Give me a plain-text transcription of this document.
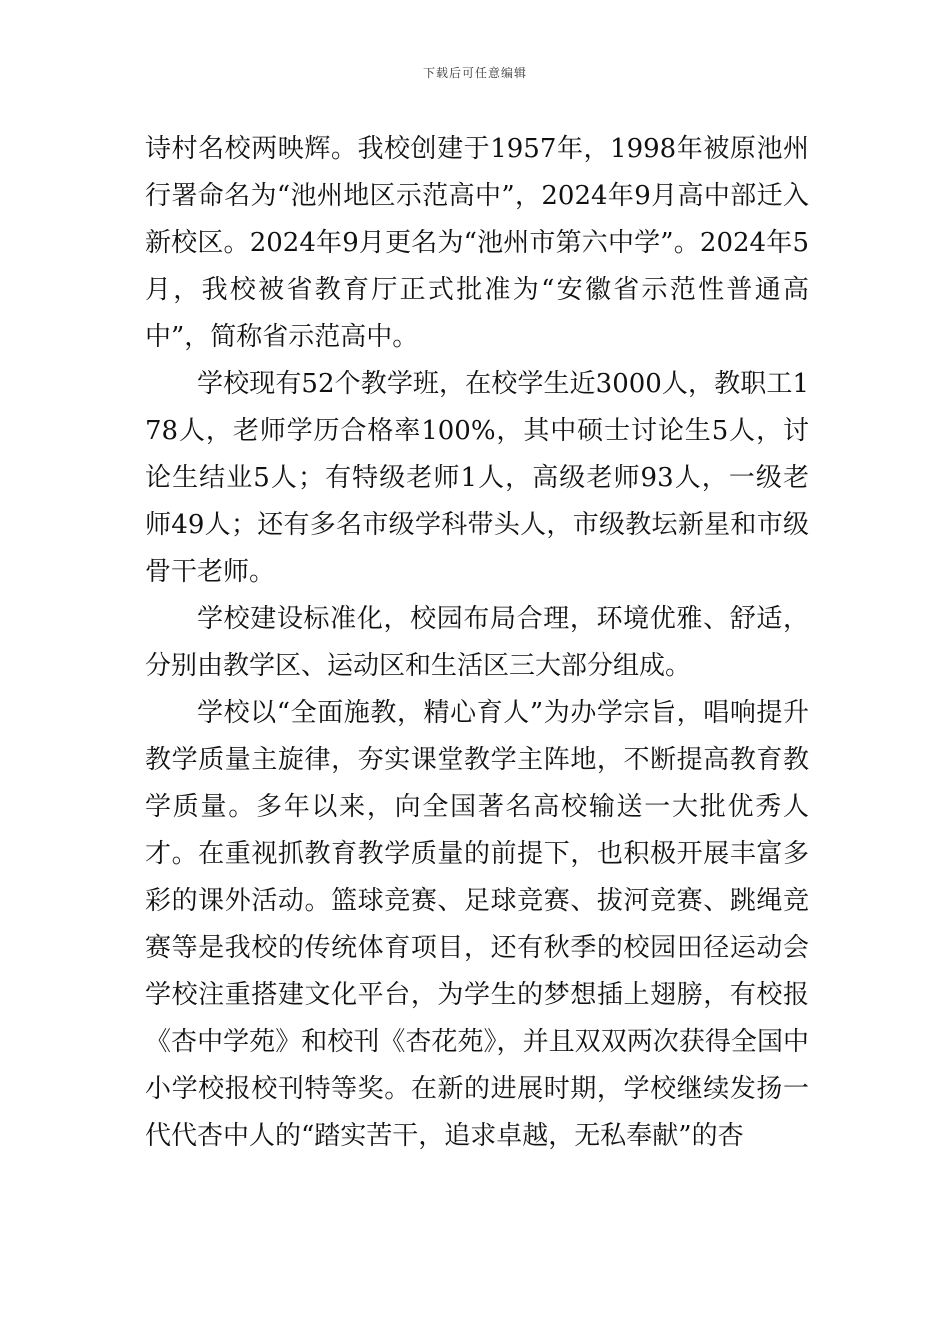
下载后可任意编辑

诗村名校两映辉。我校创建于1957年，1998年被原池州行署命名为“池州地区示范高中”，2024年9月高中部迁入新校区。2024年9月更名为“池州市第六中学”。2024年5月，我校被省教育厅正式批准为“安徽省示范性普通高中”，简称省示范高中。

学校现有52个教学班，在校学生近3000人，教职工178人，老师学历合格率100%，其中硕士讨论生5人，讨论生结业5人；有特级老师1人，高级老师93人，一级老师49人；还有多名市级学科带头人，市级教坛新星和市级骨干老师。

学校建设标准化，校园布局合理，环境优雅、舒适，分别由教学区、运动区和生活区三大部分组成。

学校以“全面施教，精心育人”为办学宗旨，唱响提升教学质量主旋律，夯实课堂教学主阵地，不断提高教育教学质量。多年以来，向全国著名高校输送一大批优秀人才。在重视抓教育教学质量的前提下，也积极开展丰富多彩的课外活动。篮球竞赛、足球竞赛、拔河竞赛、跳绳竞赛等是我校的传统体育项目，还有秋季的校园田径运动会学校注重搭建文化平台，为学生的梦想插上翅膀，有校报《杏中学苑》和校刊《杏花苑》，并且双双两次获得全国中小学校报校刊特等奖。在新的进展时期，学校继续发扬一代代杏中人的“踏实苦干，追求卓越，无私奉献”的杏
